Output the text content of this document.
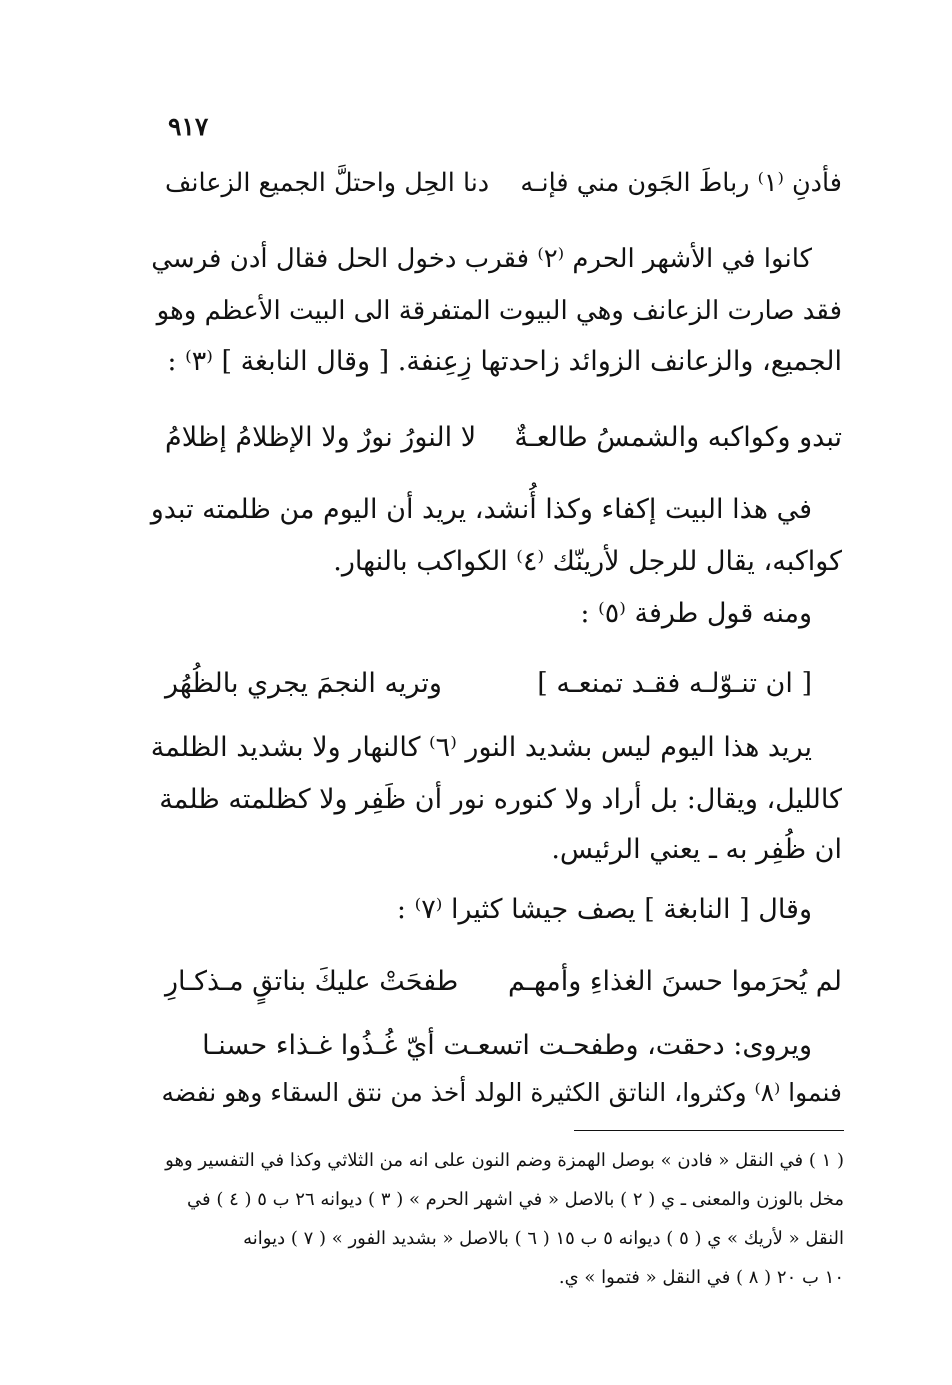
٩١٧
فأدنِ ⁽١⁾ رباطَ الجَون مني فإنـه
دنا الحِل واحتلَّ الجميع الزعانف
كانوا في الأشهر الحرم ⁽٢⁾ فقرب دخول الحل فقال أدن فرسي
فقد صارت الزعانف وهي البيوت المتفرقة الى البيت الأعظم وهو
الجميع، والزعانف الزوائد زاحدتها زِعِنفة. [ وقال النابغة ] ⁽٣⁾ :
تبدو وكواكبه والشمسُ طالعـةٌ
لا النورُ نورٌ ولا الإظلامُ إظلامُ
في هذا البيت إكفاء وكذا أُنشد، يريد أن اليوم من ظلمته تبدو
كواكبه، يقال للرجل لأرينّك ⁽٤⁾ الكواكب بالنهار.
ومنه قول طرفة ⁽٥⁾ :
[ ان تنـوّلـه فقـد تمنعـه ]
وتريه النجمَ يجري بالظُهُر
يريد هذا اليوم ليس بشديد النور ⁽٦⁾ كالنهار ولا بشديد الظلمة
كالليل، ويقال: بل أراد ولا كنوره نور أن ظَفِر ولا كظلمته ظلمة
ان ظُفِر به ـ يعني الرئيس.
وقال [ النابغة ] يصف جيشا كثيرا ⁽٧⁾ :
لم يُحرَموا حسنَ الغذاءِ وأمهـم
طفحَتْ عليكَ بناتقٍ مـذكـارِ
ويروى: دحقت، وطفحـت اتسعـت أيّ غُـذُوا غـذاء حسنـا
فنموا ⁽٨⁾ وكثروا، الناتق الكثيرة الولد أخذ من نتق السقاء وهو نفضه
( ١ ) في النقل « فادن » بوصل الهمزة وضم النون على انه من الثلاثي وكذا في التفسير وهو
مخل بالوزن والمعنى ـ ي ( ٢ ) بالاصل « في اشهر الحرم » ( ٣ ) ديوانه ٢٦ ب ٥ ( ٤ ) في
النقل « لأريك » ي ( ٥ ) ديوانه ٥ ب ١٥ ( ٦ ) بالاصل « بشديد الفور » ( ٧ ) ديوانه
١٠ ب ٢٠ ( ٨ ) في النقل « فتموا » ي.
